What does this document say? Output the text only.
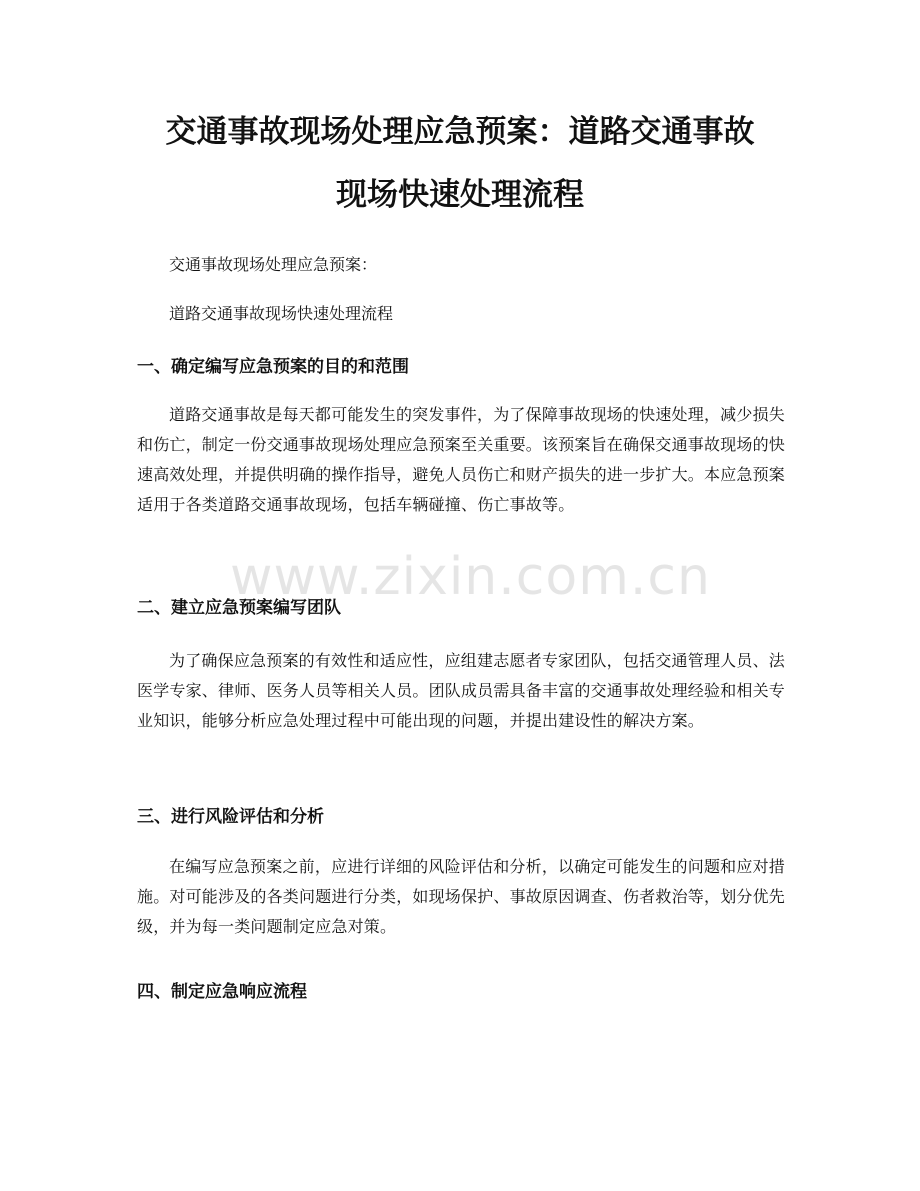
交通事故现场处理应急预案：道路交通事故
现场快速处理流程
交通事故现场处理应急预案：
道路交通事故现场快速处理流程
一、确定编写应急预案的目的和范围
道路交通事故是每天都可能发生的突发事件，为了保障事故现场的快速处理，减少损失和伤亡，制定一份交通事故现场处理应急预案至关重要。该预案旨在确保交通事故现场的快速高效处理，并提供明确的操作指导，避免人员伤亡和财产损失的进一步扩大。本应急预案适用于各类道路交通事故现场，包括车辆碰撞、伤亡事故等。
二、建立应急预案编写团队
为了确保应急预案的有效性和适应性，应组建志愿者专家团队，包括交通管理人员、法医学专家、律师、医务人员等相关人员。团队成员需具备丰富的交通事故处理经验和相关专业知识，能够分析应急处理过程中可能出现的问题，并提出建设性的解决方案。
三、进行风险评估和分析
在编写应急预案之前，应进行详细的风险评估和分析，以确定可能发生的问题和应对措施。对可能涉及的各类问题进行分类，如现场保护、事故原因调查、伤者救治等，划分优先级，并为每一类问题制定应急对策。
四、制定应急响应流程
www.zixin.com.cn
